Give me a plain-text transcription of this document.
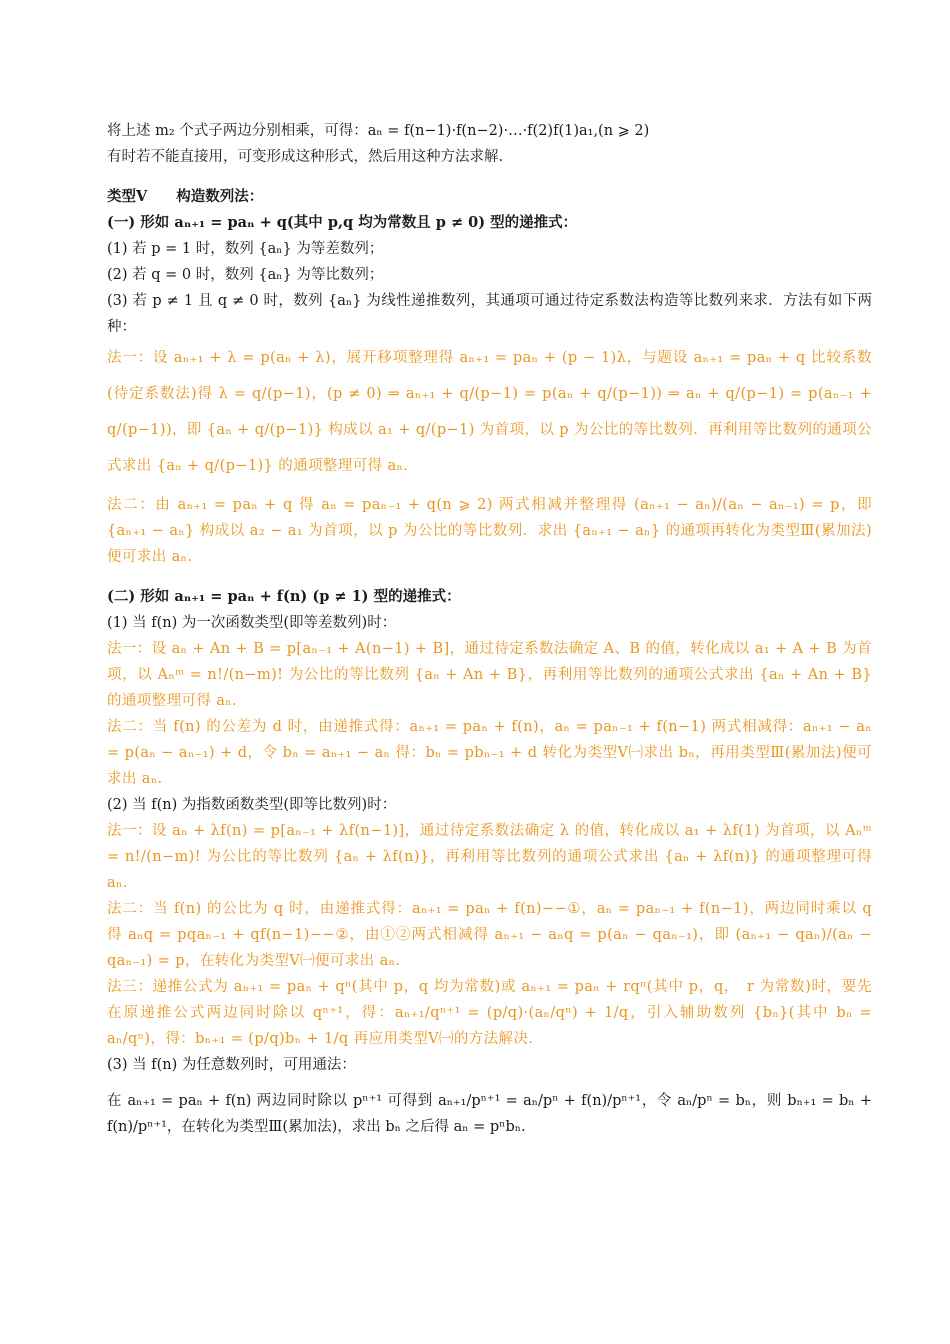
将上述 m₂ 个式子两边分别相乘，可得：aₙ = f(n−1)·f(n−2)·…·f(2)f(1)a₁,(n ⩾ 2)

有时若不能直接用，可变形成这种形式，然后用这种方法求解.

类型Ⅴ　　构造数列法：

(一) 形如 aₙ₊₁ = paₙ + q(其中 p,q 均为常数且 p ≠ 0) 型的递推式：

(1) 若 p = 1 时，数列 {aₙ} 为等差数列；

(2) 若 q = 0 时，数列 {aₙ} 为等比数列；

(3) 若 p ≠ 1 且 q ≠ 0 时，数列 {aₙ} 为线性递推数列，其通项可通过待定系数法构造等比数列来求．方法有如下两种：

法一：设 aₙ₊₁ + λ = p(aₙ + λ)，展开移项整理得 aₙ₊₁ = paₙ + (p − 1)λ，与题设 aₙ₊₁ = paₙ + q 比较系数(待定系数法)得 λ = q/(p−1)，(p ≠ 0) ⇒ aₙ₊₁ + q/(p−1) = p(aₙ + q/(p−1)) ⇒ aₙ + q/(p−1) = p(aₙ₋₁ + q/(p−1))，即 {aₙ + q/(p−1)} 构成以 a₁ + q/(p−1) 为首项，以 p 为公比的等比数列．再利用等比数列的通项公式求出 {aₙ + q/(p−1)} 的通项整理可得 aₙ.

法二：由 aₙ₊₁ = paₙ + q 得 aₙ = paₙ₋₁ + q(n ⩾ 2) 两式相减并整理得 (aₙ₊₁ − aₙ)/(aₙ − aₙ₋₁) = p，即 {aₙ₊₁ − aₙ} 构成以 a₂ − a₁ 为首项，以 p 为公比的等比数列．求出 {aₙ₊₁ − aₙ} 的通项再转化为类型Ⅲ(累加法)便可求出 aₙ.

(二) 形如 aₙ₊₁ = paₙ + f(n) (p ≠ 1) 型的递推式：

(1) 当 f(n) 为一次函数类型(即等差数列)时：

法一：设 aₙ + An + B = p[aₙ₋₁ + A(n−1) + B]，通过待定系数法确定 A、B 的值，转化成以 a₁ + A + B 为首项，以 Aₙᵐ = n!/(n−m)! 为公比的等比数列 {aₙ + An + B}，再利用等比数列的通项公式求出 {aₙ + An + B} 的通项整理可得 aₙ.

法二：当 f(n) 的公差为 d 时，由递推式得：aₙ₊₁ = paₙ + f(n)，aₙ = paₙ₋₁ + f(n−1) 两式相减得：aₙ₊₁ − aₙ = p(aₙ − aₙ₋₁) + d，令 bₙ = aₙ₊₁ − aₙ 得：bₙ = pbₙ₋₁ + d 转化为类型Ⅴ㈠求出 bₙ，再用类型Ⅲ(累加法)便可求出 aₙ.

(2) 当 f(n) 为指数函数类型(即等比数列)时：

法一：设 aₙ + λf(n) = p[aₙ₋₁ + λf(n−1)]，通过待定系数法确定 λ 的值，转化成以 a₁ + λf(1) 为首项，以 Aₙᵐ = n!/(n−m)! 为公比的等比数列 {aₙ + λf(n)}，再利用等比数列的通项公式求出 {aₙ + λf(n)} 的通项整理可得 aₙ.

法二：当 f(n) 的公比为 q 时，由递推式得：aₙ₊₁ = paₙ + f(n)−−①，aₙ = paₙ₋₁ + f(n−1)，两边同时乘以 q 得 aₙq = pqaₙ₋₁ + qf(n−1)−−②，由①②两式相减得 aₙ₊₁ − aₙq = p(aₙ − qaₙ₋₁)，即 (aₙ₊₁ − qaₙ)/(aₙ − qaₙ₋₁) = p，在转化为类型Ⅴ㈠便可求出 aₙ.

法三：递推公式为 aₙ₊₁ = paₙ + qⁿ(其中 p，q 均为常数)或 aₙ₊₁ = paₙ + rqⁿ(其中 p，q，　r 为常数)时，要先在原递推公式两边同时除以 qⁿ⁺¹，得：aₙ₊₁/qⁿ⁺¹ = (p/q)·(aₙ/qⁿ) + 1/q，引入辅助数列 {bₙ}(其中 bₙ = aₙ/qⁿ)，得：bₙ₊₁ = (p/q)bₙ + 1/q 再应用类型Ⅴ㈠的方法解决．

(3) 当 f(n) 为任意数列时，可用通法：

在 aₙ₊₁ = paₙ + f(n) 两边同时除以 pⁿ⁺¹ 可得到 aₙ₊₁/pⁿ⁺¹ = aₙ/pⁿ + f(n)/pⁿ⁺¹，令 aₙ/pⁿ = bₙ，则 bₙ₊₁ = bₙ + f(n)/pⁿ⁺¹，在转化为类型Ⅲ(累加法)，求出 bₙ 之后得 aₙ = pⁿbₙ.
